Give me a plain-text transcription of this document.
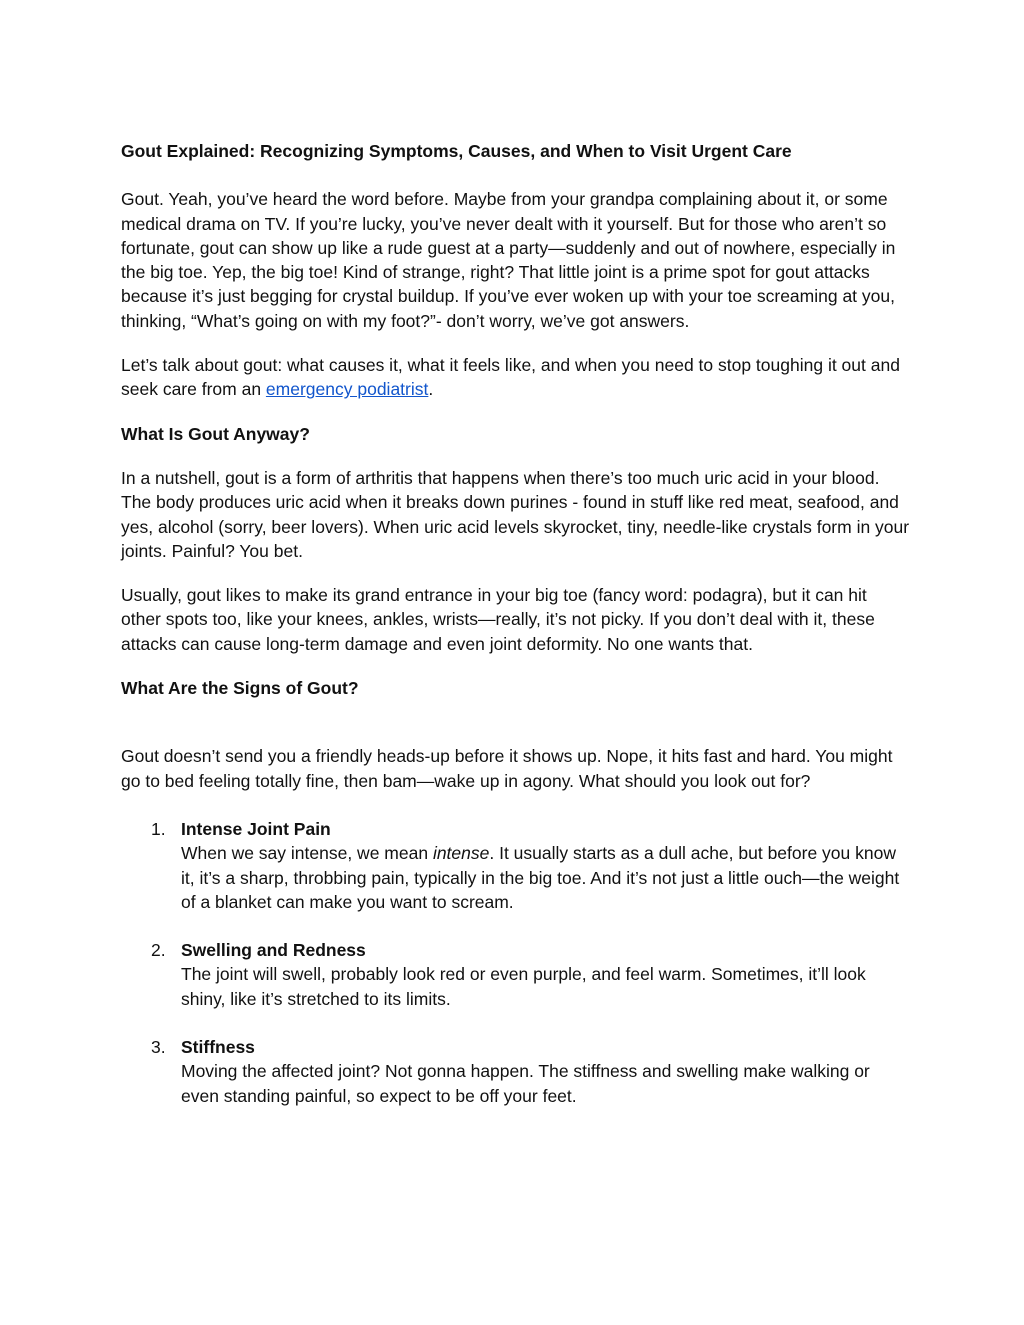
Gout Explained: Recognizing Symptoms, Causes, and When to Visit Urgent Care

Gout. Yeah, you’ve heard the word before. Maybe from your grandpa complaining about it, or some medical drama on TV. If you’re lucky, you’ve never dealt with it yourself. But for those who aren’t so fortunate, gout can show up like a rude guest at a party—suddenly and out of nowhere, especially in the big toe. Yep, the big toe! Kind of strange, right? That little joint is a prime spot for gout attacks because it’s just begging for crystal buildup. If you’ve ever woken up with your toe screaming at you, thinking, “What’s going on with my foot?”- don’t worry, we’ve got answers.

Let’s talk about gout: what causes it, what it feels like, and when you need to stop toughing it out and seek care from an emergency podiatrist.

What Is Gout Anyway?

In a nutshell, gout is a form of arthritis that happens when there’s too much uric acid in your blood. The body produces uric acid when it breaks down purines - found in stuff like red meat, seafood, and yes, alcohol (sorry, beer lovers). When uric acid levels skyrocket, tiny, needle-like crystals form in your joints. Painful? You bet.

Usually, gout likes to make its grand entrance in your big toe (fancy word: podagra), but it can hit other spots too, like your knees, ankles, wrists—really, it’s not picky. If you don’t deal with it, these attacks can cause long-term damage and even joint deformity. No one wants that.

What Are the Signs of Gout?

Gout doesn’t send you a friendly heads-up before it shows up. Nope, it hits fast and hard. You might go to bed feeling totally fine, then bam—wake up in agony. What should you look out for?

1. Intense Joint Pain
When we say intense, we mean intense. It usually starts as a dull ache, but before you know it, it’s a sharp, throbbing pain, typically in the big toe. And it’s not just a little ouch—the weight of a blanket can make you want to scream.
2. Swelling and Redness
The joint will swell, probably look red or even purple, and feel warm. Sometimes, it’ll look shiny, like it’s stretched to its limits.
3. Stiffness
Moving the affected joint? Not gonna happen. The stiffness and swelling make walking or even standing painful, so expect to be off your feet.
